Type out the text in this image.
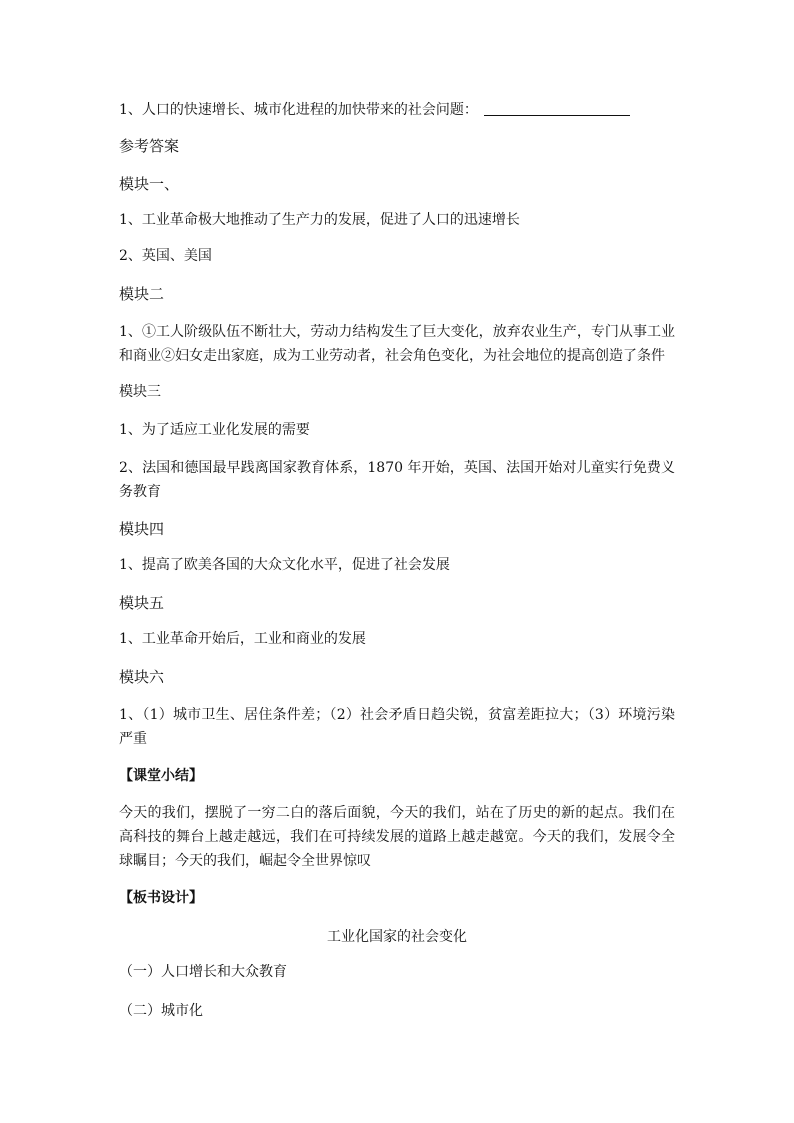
1、人口的快速增长、城市化进程的加快带来的社会问题：
参考答案
模块一、
1、工业革命极大地推动了生产力的发展，促进了人口的迅速增长
2、英国、美国
模块二
1、①工人阶级队伍不断壮大，劳动力结构发生了巨大变化，放弃农业生产，专门从事工业和商业②妇女走出家庭，成为工业劳动者，社会角色变化，为社会地位的提高创造了条件
模块三
1、为了适应工业化发展的需要
2、法国和德国最早践离国家教育体系，1870 年开始，英国、法国开始对儿童实行免费义务教育
模块四
1、提高了欧美各国的大众文化水平，促进了社会发展
模块五
1、工业革命开始后，工业和商业的发展
模块六
1、（1）城市卫生、居住条件差；（2）社会矛盾日趋尖锐，贫富差距拉大；（3）环境污染严重
【课堂小结】
今天的我们，摆脱了一穷二白的落后面貌，今天的我们，站在了历史的新的起点。我们在高科技的舞台上越走越远，我们在可持续发展的道路上越走越宽。今天的我们，发展令全球瞩目；今天的我们，崛起令全世界惊叹
【板书设计】
工业化国家的社会变化
（一）人口增长和大众教育
（二）城市化
